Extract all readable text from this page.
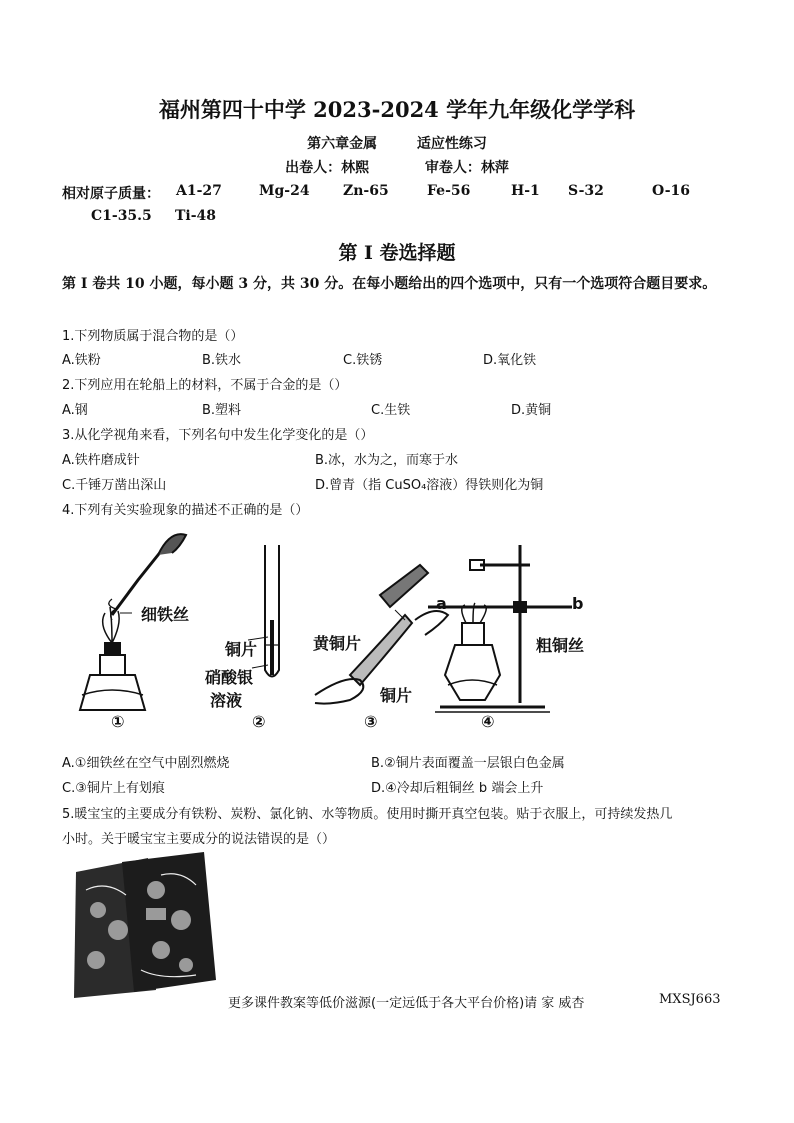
福州第四十中学 2023-2024 学年九年级化学学科
第六章金属	适应性练习
出卷人：林熙	审卷人：林萍
相对原子质量： A1-27	Mg-24 Zn-65	Fe-56	H-1 S-32	O-16
C1-35.5 Ti-48
第 I 卷选择题
第 I 卷共 10 小题，每小题 3 分，共 30 分。在每小题给出的四个选项中，只有一个选项符合题目要求。
1.下列物质属于混合物的是（）
A.铁粉	B.铁水	C.铁锈	D.氧化铁
2.下列应用在轮船上的材料，不属于合金的是（）
A.钢	B.塑料	C.生铁	D.黄铜
3.从化学视角来看，下列名句中发生化学变化的是（）
A.铁杵磨成针	B.冰，水为之，而寒于水
C.千锤万凿出深山	D.曾青（指 CuSO₄溶液）得铁则化为铜
4.下列有关实验现象的描述不正确的是（）
细铁丝
铜片
硝酸银
溶液
黄铜片
铜片
a	b
粗铜丝
①	②	③	④
A.①细铁丝在空气中剧烈燃烧	B.②铜片表面覆盖一层银白色金属
C.③铜片上有划痕	D.④冷却后粗铜丝 b 端会上升
5.暖宝宝的主要成分有铁粉、炭粉、氯化钠、水等物质。使用时撕开真空包装。贴于衣服上，可持续发热几
小时。关于暖宝宝主要成分的说法错误的是（）
更多课件教案等低价滋源(一定远低于各大平台价格)请 家 威杏	MXSJ663
